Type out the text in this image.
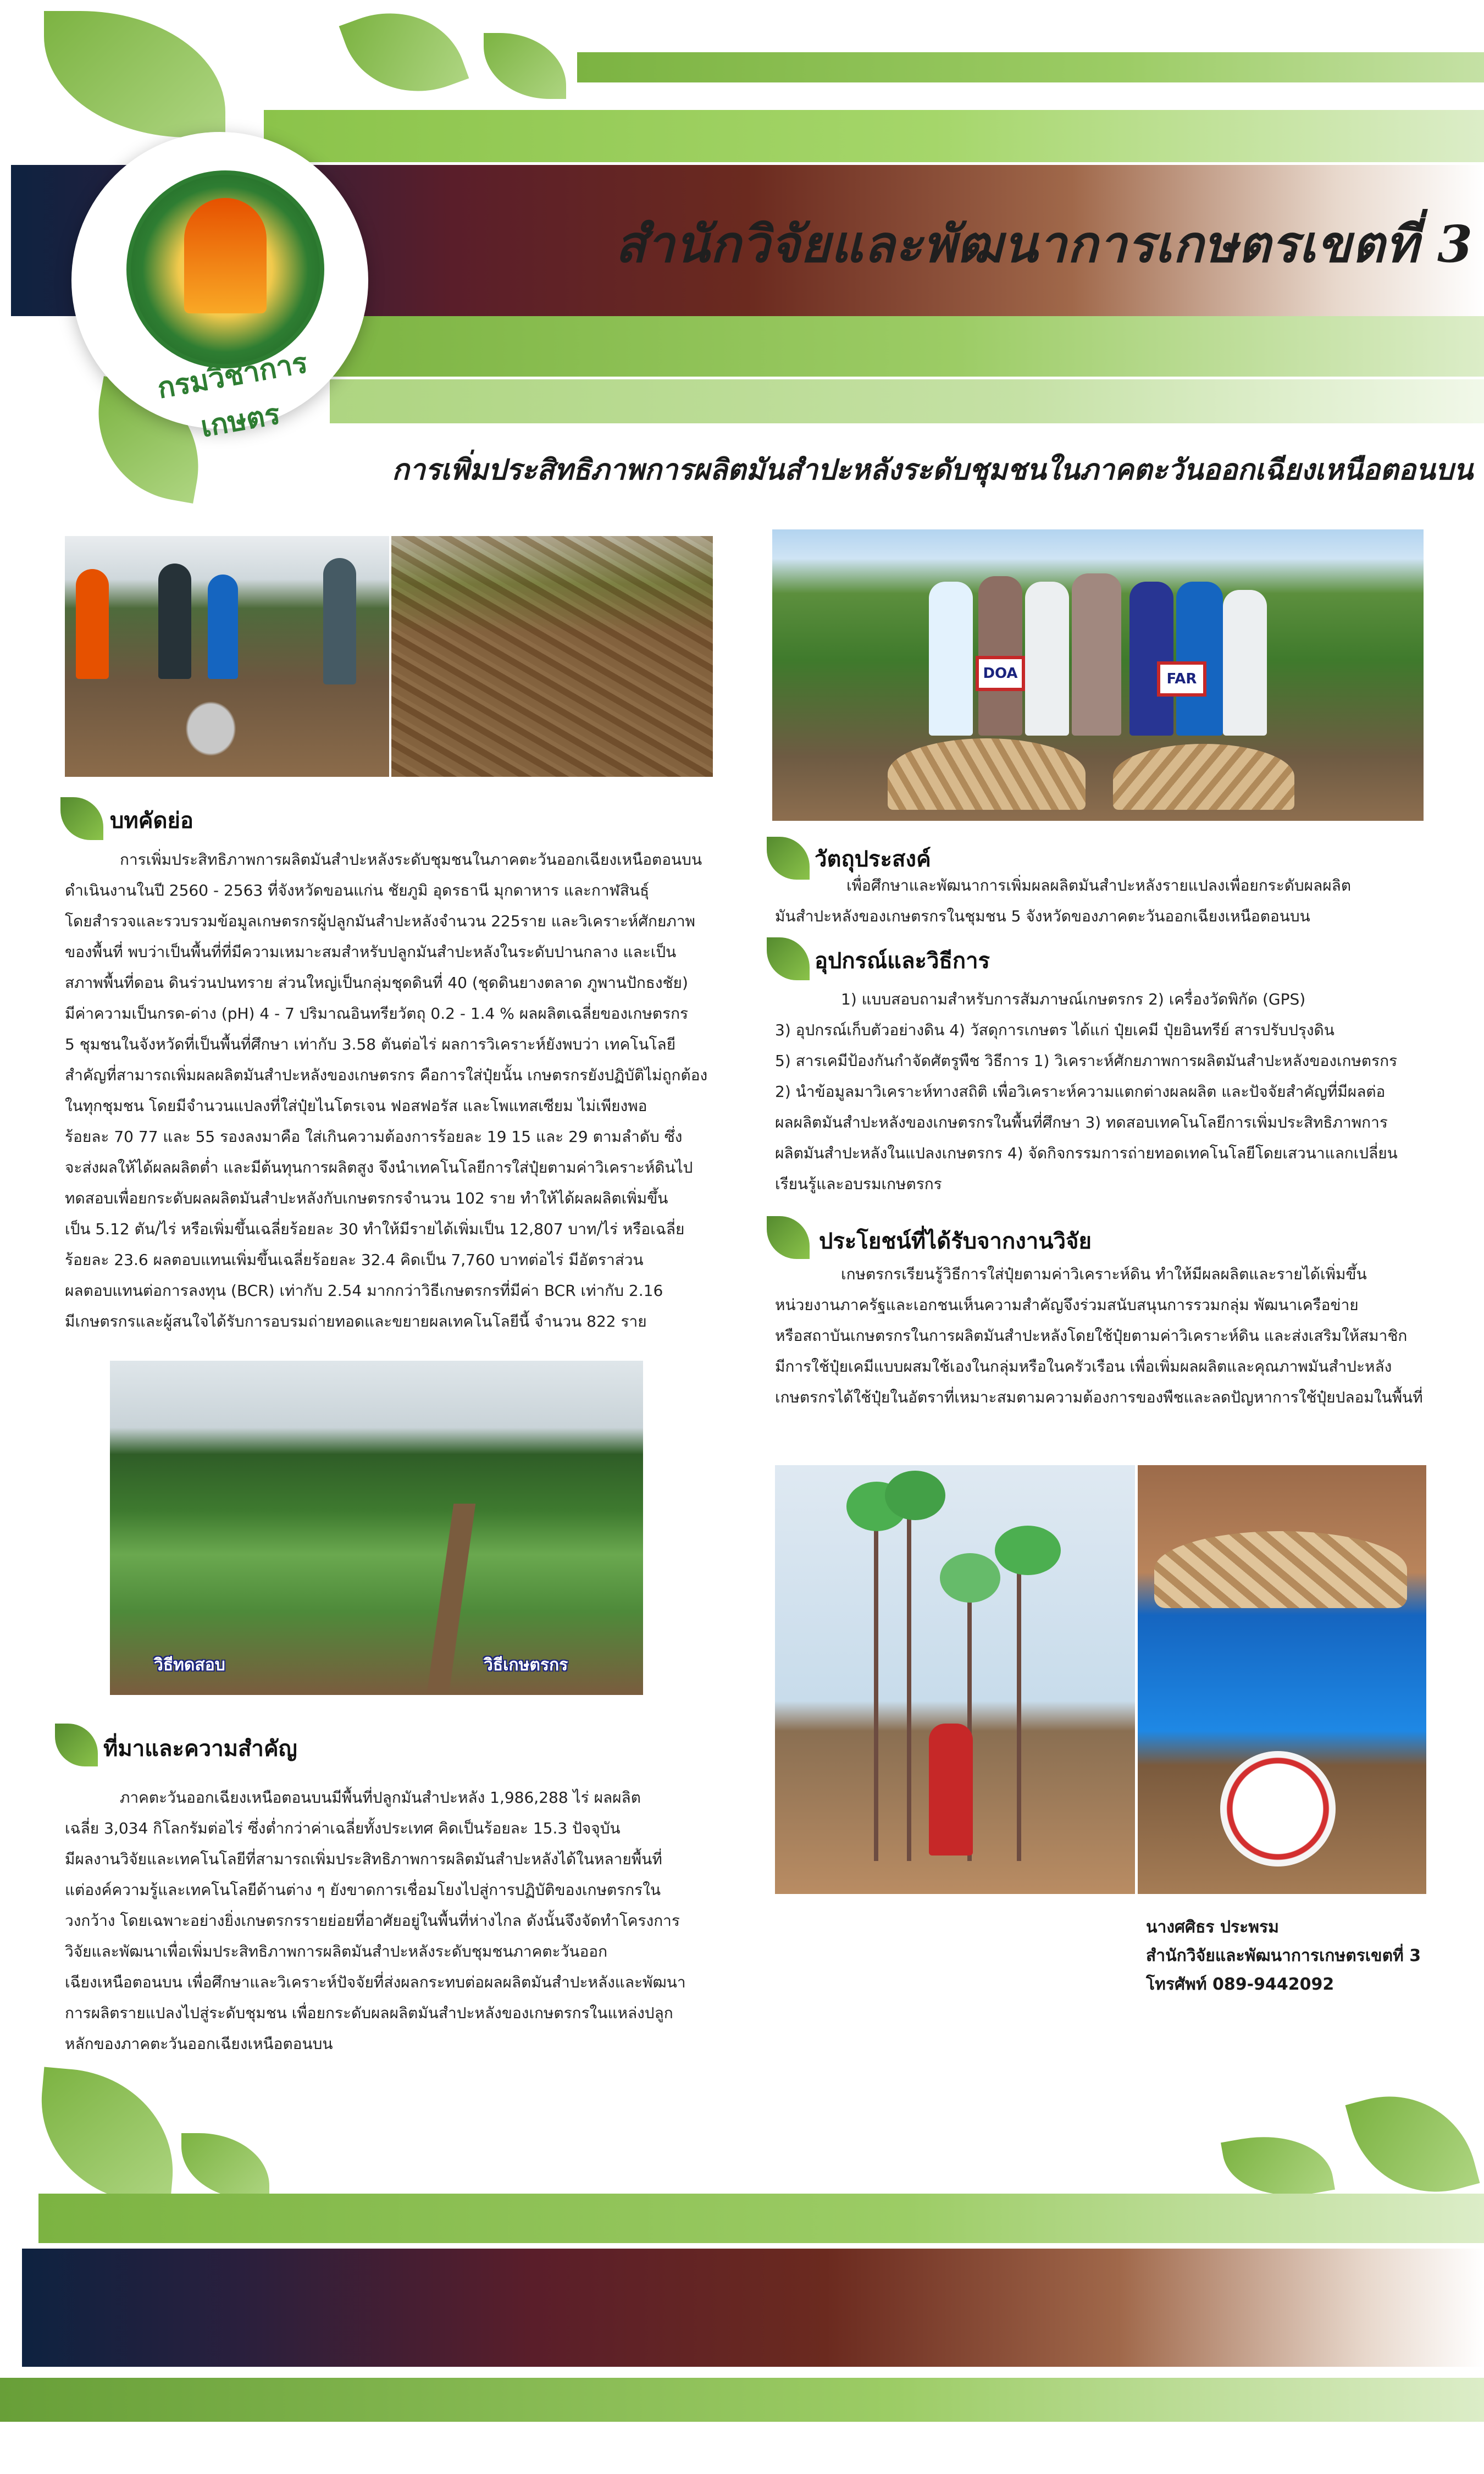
สำนักวิจัยและพัฒนาการเกษตรเขตที่ 3
กรมวิชาการเกษตร
การเพิ่มประสิทธิภาพการผลิตมันสำปะหลังระดับชุมชนในภาคตะวันออกเฉียงเหนือตอนบน
DOA	FAR
บทคัดย่อ
การเพิ่มประสิทธิภาพการผลิตมันสำปะหลังระดับชุมชนในภาคตะวันออกเฉียงเหนือตอนบน
ดำเนินงานในปี 2560 - 2563 ที่จังหวัดขอนแก่น ชัยภูมิ อุดรธานี มุกดาหาร และกาฬสินธุ์
โดยสำรวจและรวบรวมข้อมูลเกษตรกรผู้ปลูกมันสำปะหลังจำนวน 225ราย และวิเคราะห์ศักยภาพ
ของพื้นที่ พบว่าเป็นพื้นที่ที่มีความเหมาะสมสำหรับปลูกมันสำปะหลังในระดับปานกลาง และเป็น
สภาพพื้นที่ดอน ดินร่วนปนทราย ส่วนใหญ่เป็นกลุ่มชุดดินที่ 40 (ชุดดินยางตลาด ภูพานปักธงชัย)
มีค่าความเป็นกรด-ด่าง (pH) 4 - 7 ปริมาณอินทรียวัตถุ 0.2 - 1.4 % ผลผลิตเฉลี่ยของเกษตรกร
5 ชุมชนในจังหวัดที่เป็นพื้นที่ศึกษา เท่ากับ 3.58 ตันต่อไร่ ผลการวิเคราะห์ยังพบว่า เทคโนโลยี
สำคัญที่สามารถเพิ่มผลผลิตมันสำปะหลังของเกษตรกร คือการใส่ปุ๋ยนั้น เกษตรกรยังปฏิบัติไม่ถูกต้อง
ในทุกชุมชน โดยมีจำนวนแปลงที่ใส่ปุ๋ยไนโตรเจน ฟอสฟอรัส และโพแทสเซียม ไม่เพียงพอ
ร้อยละ 70 77 และ 55 รองลงมาคือ ใส่เกินความต้องการร้อยละ 19 15 และ 29 ตามลำดับ ซึ่ง
จะส่งผลให้ได้ผลผลิตต่ำ และมีต้นทุนการผลิตสูง จึงนำเทคโนโลยีการใส่ปุ๋ยตามค่าวิเคราะห์ดินไป
ทดสอบเพื่อยกระดับผลผลิตมันสำปะหลังกับเกษตรกรจำนวน 102 ราย ทำให้ได้ผลผลิตเพิ่มขึ้น
เป็น 5.12 ตัน/ไร่ หรือเพิ่มขึ้นเฉลี่ยร้อยละ 30 ทำให้มีรายได้เพิ่มเป็น 12,807 บาท/ไร่ หรือเฉลี่ย
ร้อยละ 23.6 ผลตอบแทนเพิ่มขึ้นเฉลี่ยร้อยละ 32.4 คิดเป็น 7,760 บาทต่อไร่ มีอัตราส่วน
ผลตอบแทนต่อการลงทุน (BCR) เท่ากับ 2.54 มากกว่าวิธีเกษตรกรที่มีค่า BCR เท่ากับ 2.16
มีเกษตรกรและผู้สนใจได้รับการอบรมถ่ายทอดและขยายผลเทคโนโลยีนี้ จำนวน 822 ราย
วิธีทดสอบ	วิธีเกษตรกร
ที่มาและความสำคัญ
ภาคตะวันออกเฉียงเหนือตอนบนมีพื้นที่ปลูกมันสำปะหลัง 1,986,288 ไร่ ผลผลิต
เฉลี่ย 3,034 กิโลกรัมต่อไร่ ซึ่งต่ำกว่าค่าเฉลี่ยทั้งประเทศ คิดเป็นร้อยละ 15.3 ปัจจุบัน
มีผลงานวิจัยและเทคโนโลยีที่สามารถเพิ่มประสิทธิภาพการผลิตมันสำปะหลังได้ในหลายพื้นที่
แต่องค์ความรู้และเทคโนโลยีด้านต่าง ๆ ยังขาดการเชื่อมโยงไปสู่การปฏิบัติของเกษตรกรใน
วงกว้าง โดยเฉพาะอย่างยิ่งเกษตรกรรายย่อยที่อาศัยอยู่ในพื้นที่ห่างไกล ดังนั้นจึงจัดทำโครงการ
วิจัยและพัฒนาเพื่อเพิ่มประสิทธิภาพการผลิตมันสำปะหลังระดับชุมชนภาคตะวันออก
เฉียงเหนือตอนบน เพื่อศึกษาและวิเคราะห์ปัจจัยที่ส่งผลกระทบต่อผลผลิตมันสำปะหลังและพัฒนา
การผลิตรายแปลงไปสู่ระดับชุมชน เพื่อยกระดับผลผลิตมันสำปะหลังของเกษตรกรในแหล่งปลูก
หลักของภาคตะวันออกเฉียงเหนือตอนบน
วัตถุประสงค์
เพื่อศึกษาและพัฒนาการเพิ่มผลผลิตมันสำปะหลังรายแปลงเพื่อยกระดับผลผลิต
มันสำปะหลังของเกษตรกรในชุมชน 5 จังหวัดของภาคตะวันออกเฉียงเหนือตอนบน
อุปกรณ์และวิธีการ
1) แบบสอบถามสำหรับการสัมภาษณ์เกษตรกร 2) เครื่องวัดพิกัด (GPS)
3) อุปกรณ์เก็บตัวอย่างดิน 4) วัสดุการเกษตร ได้แก่ ปุ๋ยเคมี ปุ๋ยอินทรีย์ สารปรับปรุงดิน
5) สารเคมีป้องกันกำจัดศัตรูพืช วิธีการ 1) วิเคราะห์ศักยภาพการผลิตมันสำปะหลังของเกษตรกร
2) นำข้อมูลมาวิเคราะห์ทางสถิติ เพื่อวิเคราะห์ความแตกต่างผลผลิต และปัจจัยสำคัญที่มีผลต่อ
ผลผลิตมันสำปะหลังของเกษตรกรในพื้นที่ศึกษา 3) ทดสอบเทคโนโลยีการเพิ่มประสิทธิภาพการ
ผลิตมันสำปะหลังในแปลงเกษตรกร 4) จัดกิจกรรมการถ่ายทอดเทคโนโลยีโดยเสวนาแลกเปลี่ยน
เรียนรู้และอบรมเกษตรกร
ประโยชน์ที่ได้รับจากงานวิจัย
เกษตรกรเรียนรู้วิธีการใส่ปุ๋ยตามค่าวิเคราะห์ดิน ทำให้มีผลผลิตและรายได้เพิ่มขึ้น
หน่วยงานภาครัฐและเอกชนเห็นความสำคัญจึงร่วมสนับสนุนการรวมกลุ่ม พัฒนาเครือข่าย
หรือสถาบันเกษตรกรในการผลิตมันสำปะหลังโดยใช้ปุ๋ยตามค่าวิเคราะห์ดิน และส่งเสริมให้สมาชิก
มีการใช้ปุ๋ยเคมีแบบผสมใช้เองในกลุ่มหรือในครัวเรือน เพื่อเพิ่มผลผลิตและคุณภาพมันสำปะหลัง
เกษตรกรได้ใช้ปุ๋ยในอัตราที่เหมาะสมตามความต้องการของพืชและลดปัญหาการใช้ปุ๋ยปลอมในพื้นที่
นางศศิธร ประพรม
สำนักวิจัยและพัฒนาการเกษตรเขตที่ 3
โทรศัพท์ 089-9442092
